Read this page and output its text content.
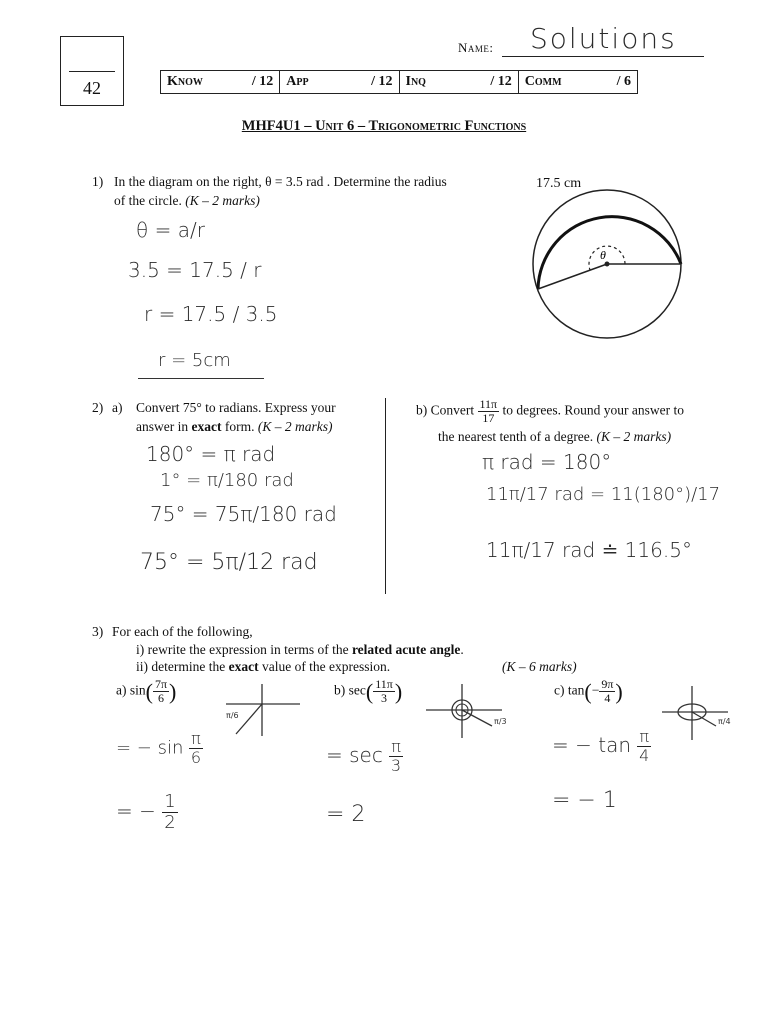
42
Name: Solutions
Know	/ 12 App	/ 12 Inq	/ 12 Comm	/ 6
MHF4U1 – Unit 6 – Trigonometric Functions
1) In the diagram on the right, θ = 3.5 rad . Determine the radius
of the circle. (K – 2 marks)
17.5 cm
θ
θ = a/r
3.5 = 17.5 / r
r = 17.5 / 3.5
r = 5cm
2) a) Convert 75° to radians. Express your
answer in exact form. (K – 2 marks)
180° = π rad
1° = π/180 rad
75° = 75π/180 rad
75° = 5π/12 rad
b) Convert $\frac{11\pi}{17}$ to degrees. Round your answer to
the nearest tenth of a degree. (K – 2 marks)
π rad = 180°
11π/17 rad = 11(180°)/17
11π/17 rad ≐ 116.5°
3) For each of the following,
i) rewrite the expression in terms of the related acute angle.
ii) determine the exact value of the expression.	(K – 6 marks)
a) $\sin( \frac{7\pi}{6}$ )
π/6
= − $\sin \frac{\pi}{6}$
= − $\frac{1}{2}$
b) $\sec( \frac{11\pi}{3}$ )
π/3
= $\sec \frac{\pi}{3}$
= 2
c) $\tan(- \frac{9\pi}{4}$ )
π/4
= − $\tan \frac{\pi}{4}$
= − 1
